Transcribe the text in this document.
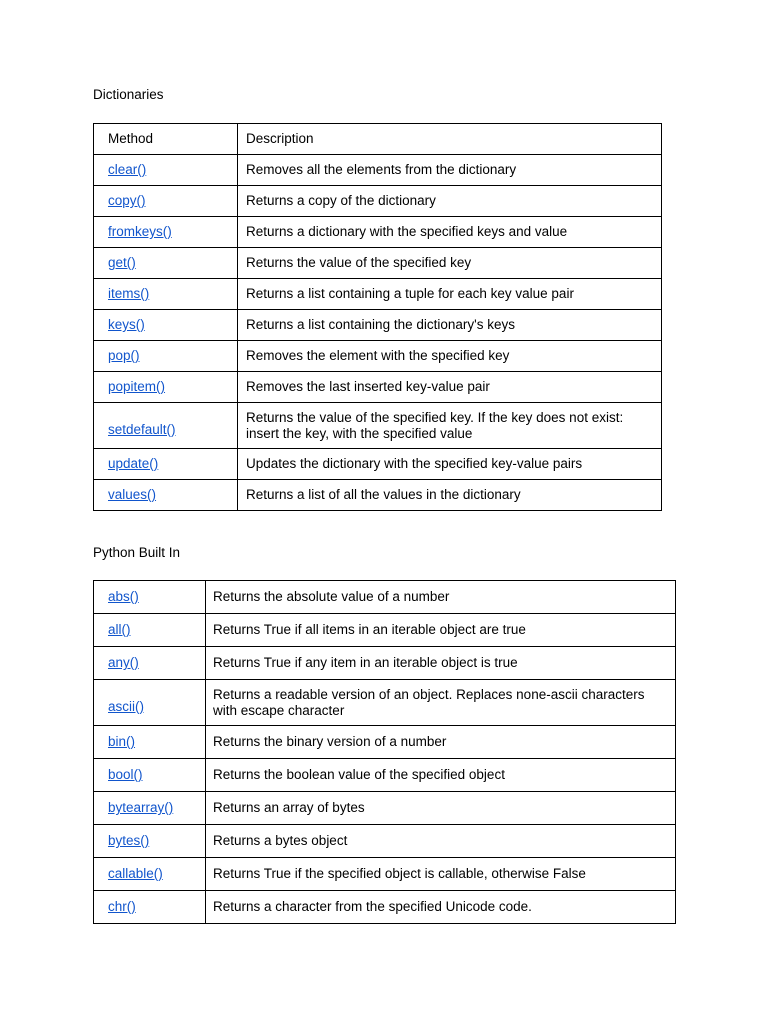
Dictionaries

Method	Description
clear()	Removes all the elements from the dictionary
copy()	Returns a copy of the dictionary
fromkeys()	Returns a dictionary with the specified keys and value
get()	Returns the value of the specified key
items()	Returns a list containing a tuple for each key value pair
keys()	Returns a list containing the dictionary's keys
pop()	Removes the element with the specified key
popitem()	Removes the last inserted key-value pair
setdefault()	Returns the value of the specified key. If the key does not exist: insert the key, with the specified value
update()	Updates the dictionary with the specified key-value pairs
values()	Returns a list of all the values in the dictionary

Python Built In

abs()	Returns the absolute value of a number
all()	Returns True if all items in an iterable object are true
any()	Returns True if any item in an iterable object is true
ascii()	Returns a readable version of an object. Replaces none-ascii characters with escape character
bin()	Returns the binary version of a number
bool()	Returns the boolean value of the specified object
bytearray()	Returns an array of bytes
bytes()	Returns a bytes object
callable()	Returns True if the specified object is callable, otherwise False
chr()	Returns a character from the specified Unicode code.
